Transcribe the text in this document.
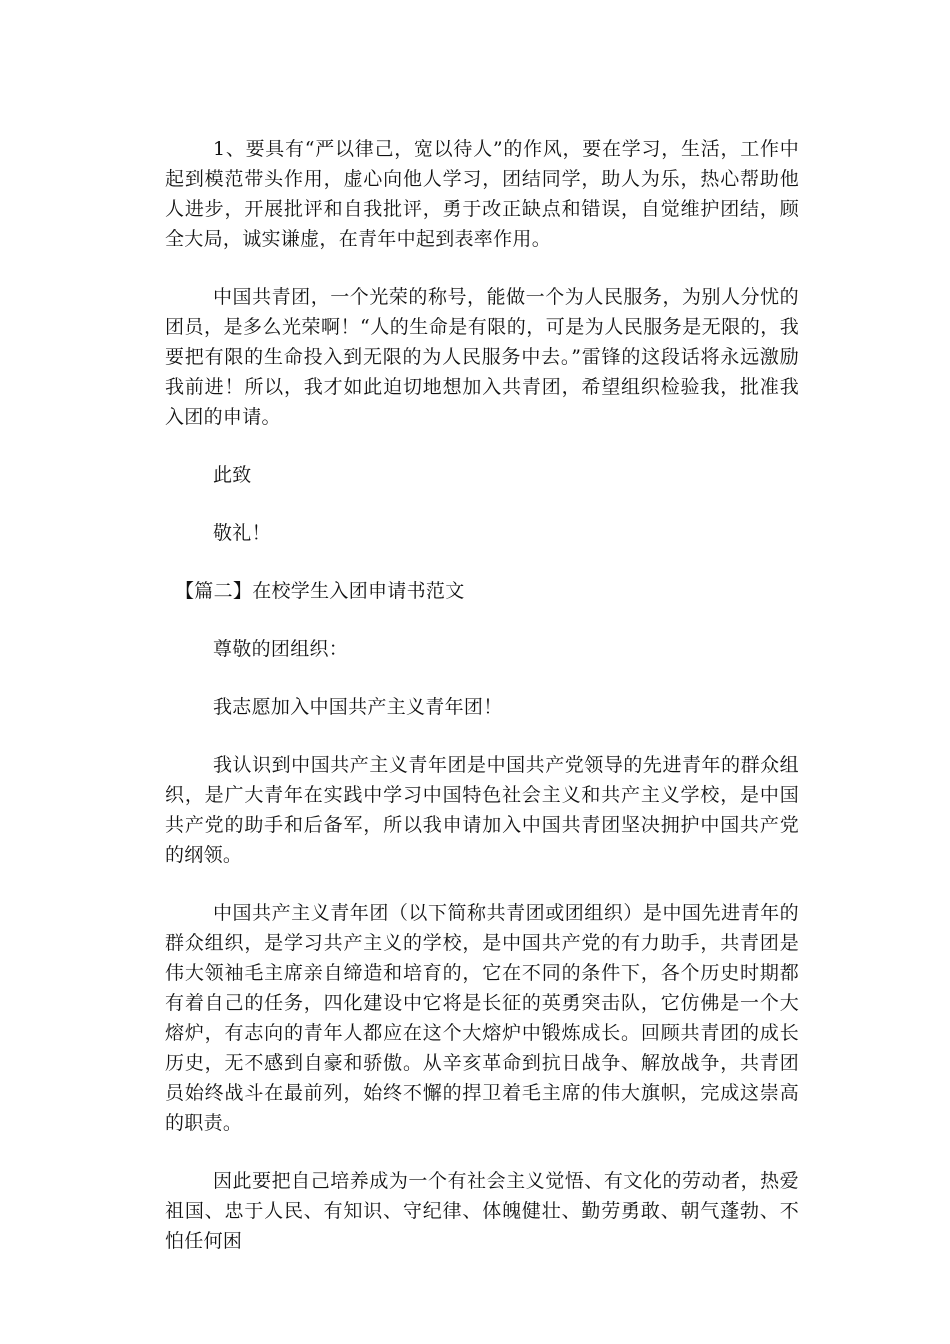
1、要具有“严以律己，宽以待人”的作风，要在学习，生活，工作中起到模范带头作用，虚心向他人学习，团结同学，助人为乐，热心帮助他人进步，开展批评和自我批评，勇于改正缺点和错误，自觉维护团结，顾全大局，诚实谦虚，在青年中起到表率作用。

中国共青团，一个光荣的称号，能做一个为人民服务，为别人分忧的团员，是多么光荣啊！“人的生命是有限的，可是为人民服务是无限的，我要把有限的生命投入到无限的为人民服务中去。”雷锋的这段话将永远激励我前进！所以，我才如此迫切地想加入共青团，希望组织检验我，批准我入团的申请。

此致

敬礼！

【篇二】在校学生入团申请书范文

尊敬的团组织：

我志愿加入中国共产主义青年团！

我认识到中国共产主义青年团是中国共产党领导的先进青年的群众组织，是广大青年在实践中学习中国特色社会主义和共产主义学校，是中国共产党的助手和后备军，所以我申请加入中国共青团坚决拥护中国共产党的纲领。

中国共产主义青年团（以下简称共青团或团组织）是中国先进青年的群众组织，是学习共产主义的学校，是中国共产党的有力助手，共青团是伟大领袖毛主席亲自缔造和培育的，它在不同的条件下，各个历史时期都有着自己的任务，四化建设中它将是长征的英勇突击队，它仿佛是一个大熔炉，有志向的青年人都应在这个大熔炉中锻炼成长。回顾共青团的成长历史，无不感到自豪和骄傲。从辛亥革命到抗日战争、解放战争，共青团员始终战斗在最前列，始终不懈的捍卫着毛主席的伟大旗帜，完成这崇高的职责。

因此要把自己培养成为一个有社会主义觉悟、有文化的劳动者，热爱祖国、忠于人民、有知识、守纪律、体魄健壮、勤劳勇敢、朝气蓬勃、不怕任何困
